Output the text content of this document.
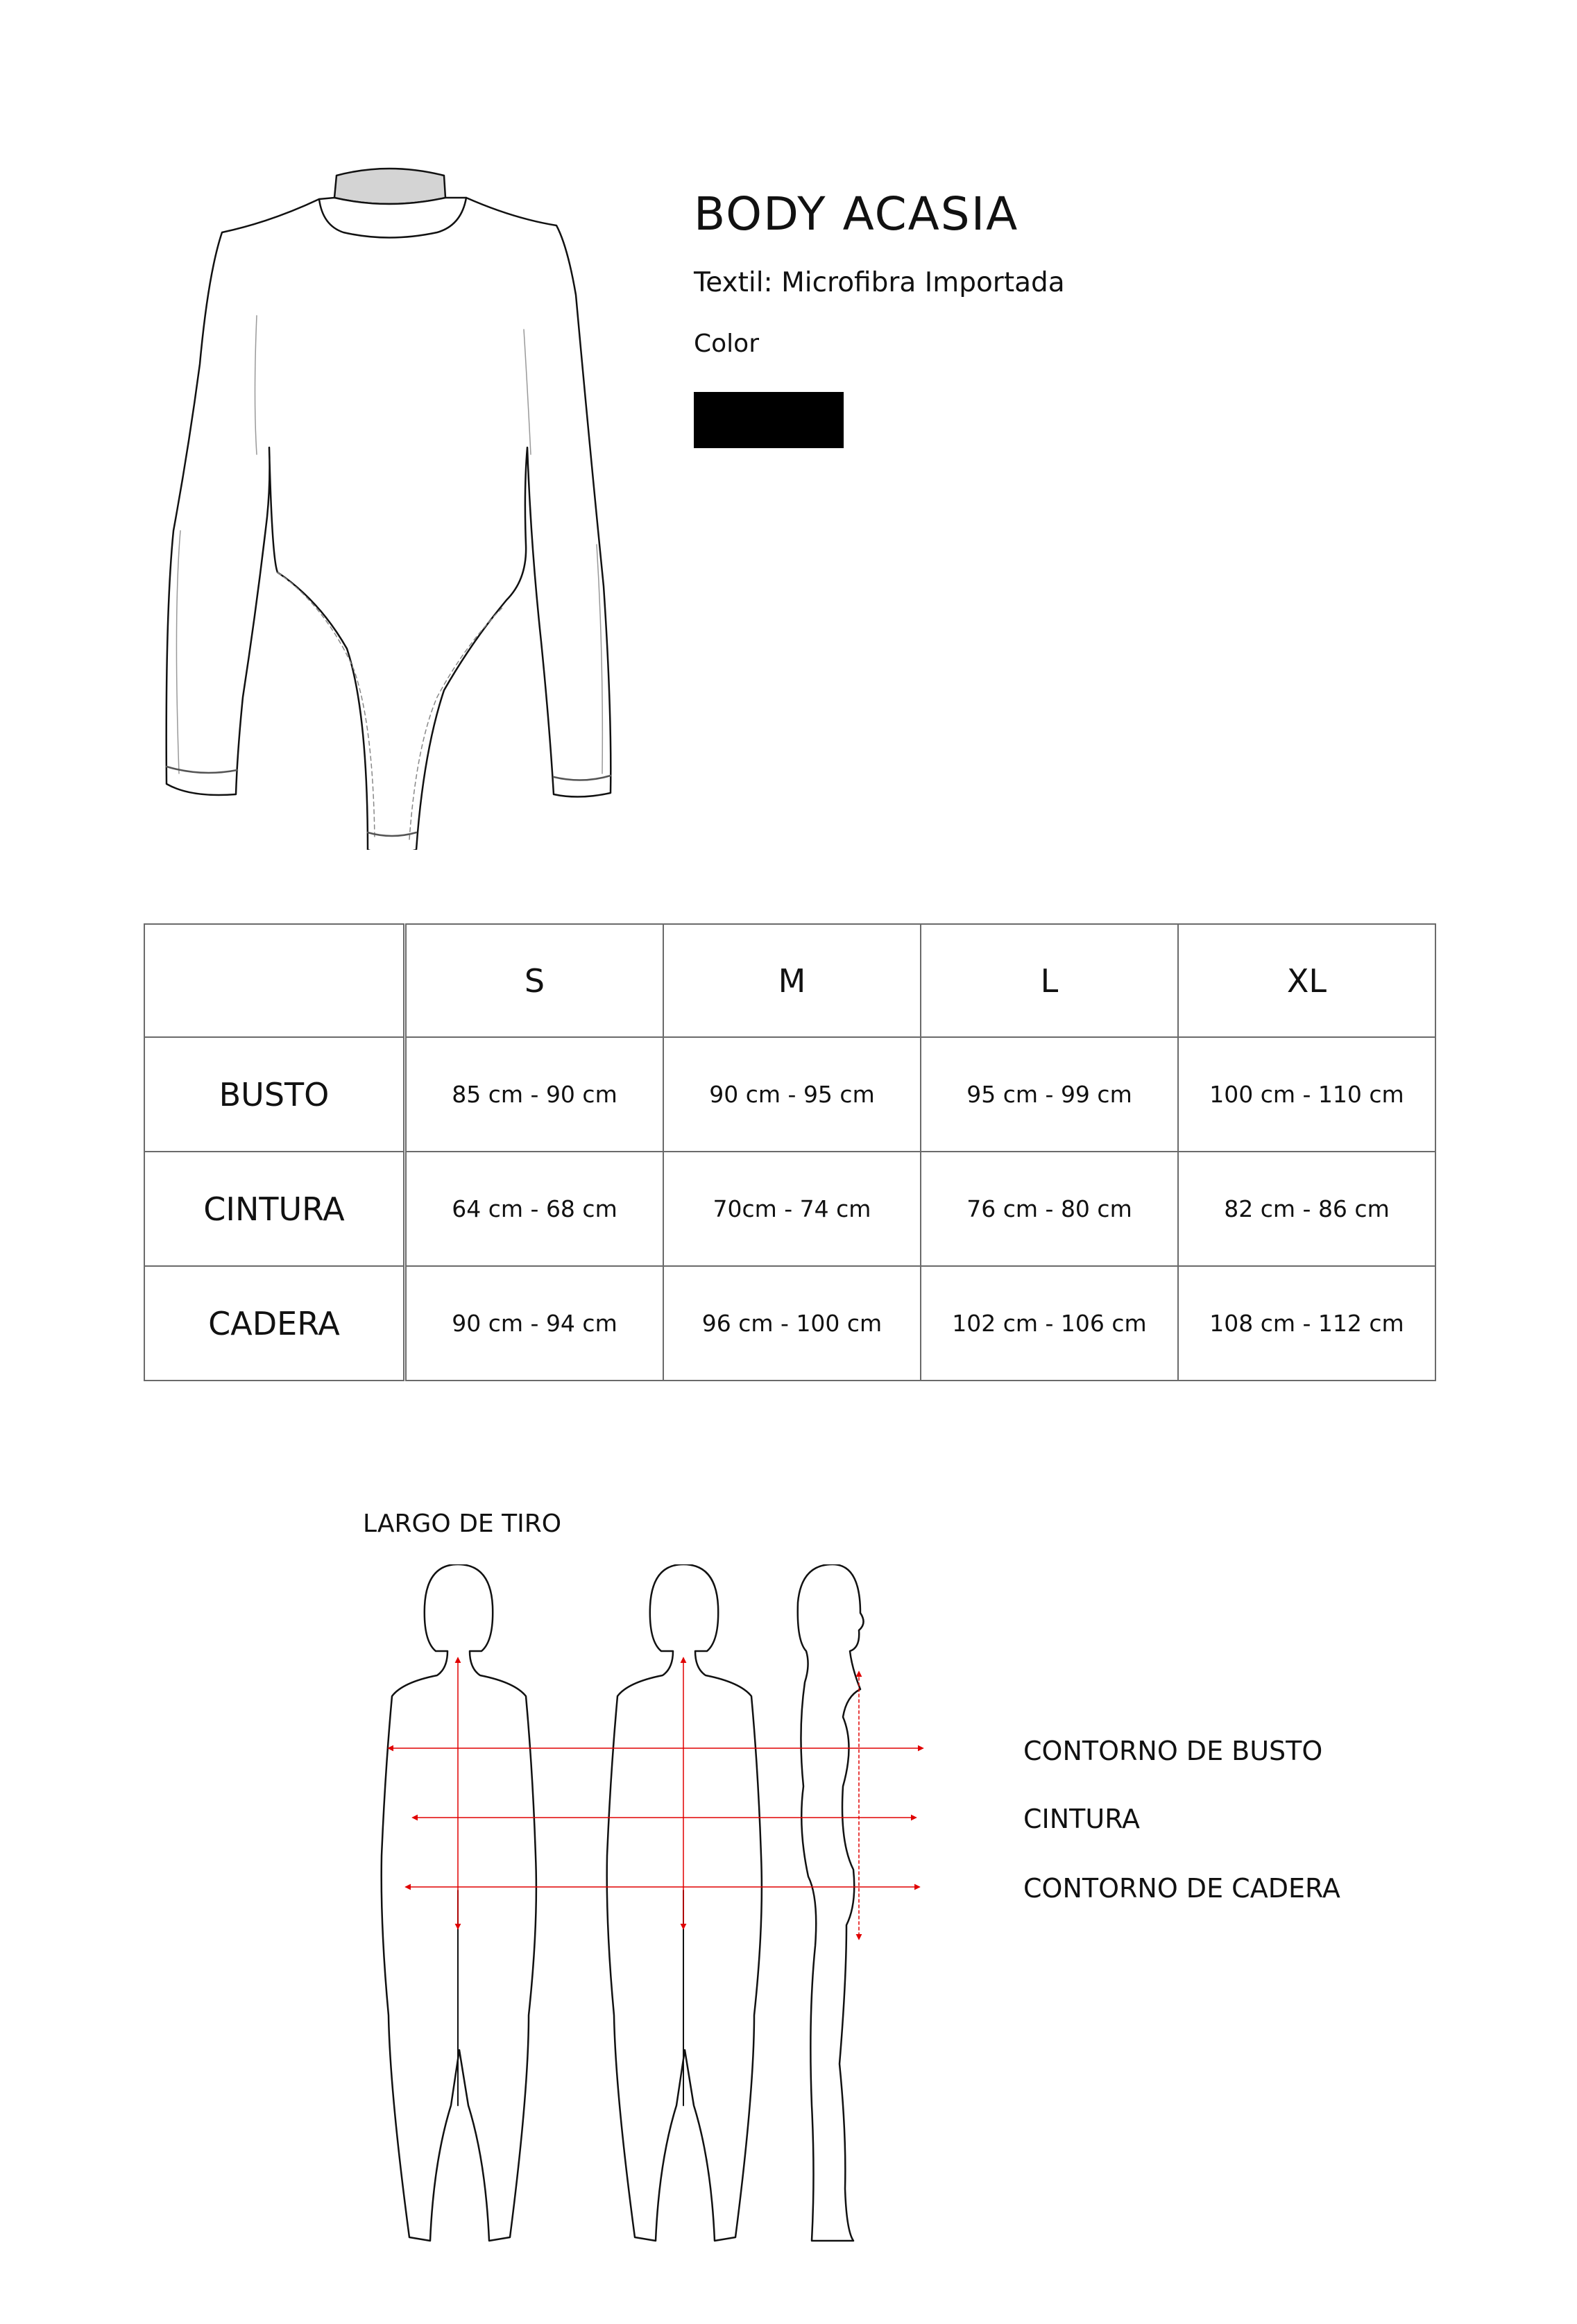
BODY ACASIA
Textil: Microfibra Importada
Color
	S	M	L	XL
BUSTO	85 cm - 90 cm	90 cm - 95 cm	95 cm - 99 cm	100 cm - 110 cm
CINTURA	64 cm - 68 cm	70cm - 74 cm	76 cm - 80 cm	82 cm - 86 cm
CADERA	90 cm - 94 cm	96 cm - 100 cm	102 cm - 106 cm	108 cm - 112 cm
LARGO DE TIRO
CONTORNO DE BUSTO
CINTURA
CONTORNO DE CADERA
